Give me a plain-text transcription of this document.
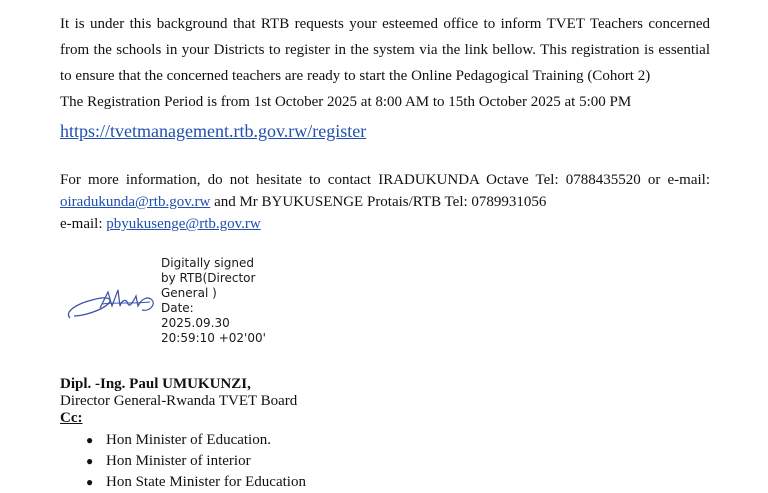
It is under this background that RTB requests your esteemed office to inform TVET Teachers concerned
from the schools in your Districts to register in the system via the link bellow. This registration is essential
to ensure that the concerned teachers are ready to start the Online Pedagogical Training (Cohort 2)
The Registration Period is from 1st October 2025 at 8:00 AM to 15th October 2025 at 5:00 PM
https://tvetmanagement.rtb.gov.rw/register
For more information, do not hesitate to contact IRADUKUNDA Octave Tel: 0788435520 or e-mail:
oiradukunda@rtb.gov.rw and Mr BYUKUSENGE Protais/RTB Tel: 0789931056
e-mail: pbyukusenge@rtb.gov.rw
Digitally signed
by RTB(Director
General )
Date:
2025.09.30
20:59:10 +02'00'
Dipl. -Ing. Paul UMUKUNZI,
Director General-Rwanda TVET Board
Cc:
● Hon Minister of Education.
● Hon Minister of interior
● Hon State Minister for Education
